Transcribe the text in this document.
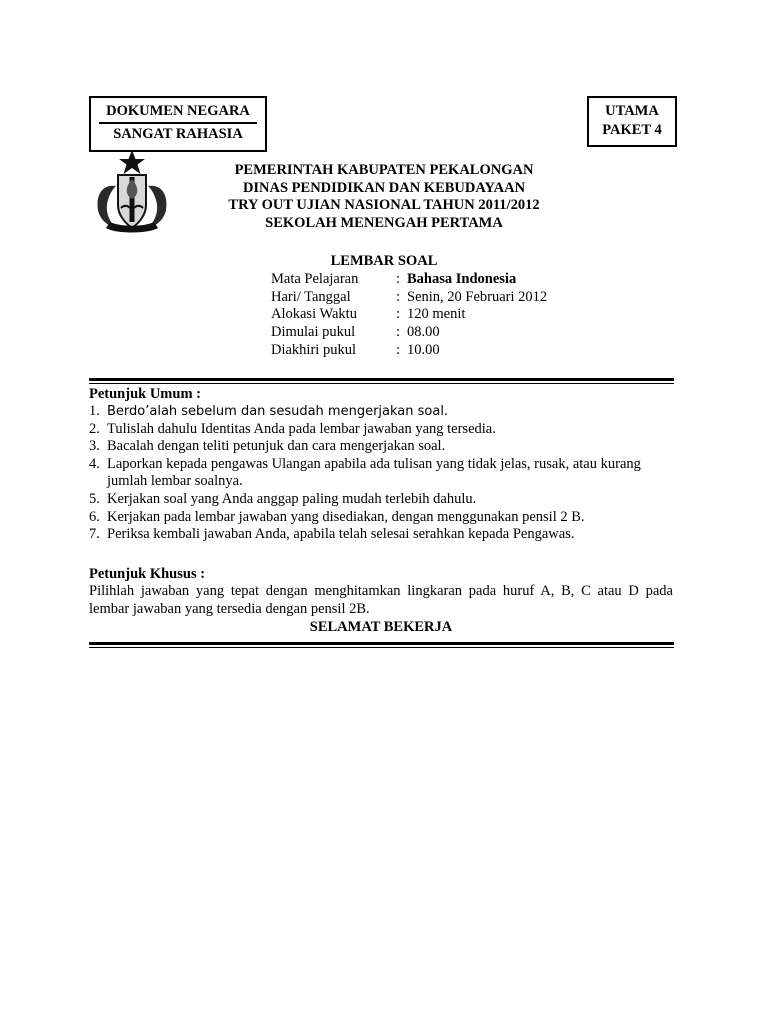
DOKUMEN NEGARA
SANGAT RAHASIA
UTAMA
PAKET 4
PEMERINTAH KABUPATEN PEKALONGAN
DINAS PENDIDIKAN DAN KEBUDAYAAN
TRY OUT UJIAN NASIONAL TAHUN 2011/2012
SEKOLAH MENENGAH PERTAMA
LEMBAR SOAL
Mata Pelajaran	: Bahasa Indonesia
Hari/ Tanggal	: Senin, 20 Februari 2012
Alokasi Waktu	: 120 menit
Dimulai pukul	: 08.00
Diakhiri pukul	: 10.00
Petunjuk Umum :
1. Berdo’alah sebelum dan sesudah mengerjakan soal.
2. Tulislah dahulu Identitas Anda pada lembar jawaban yang tersedia.
3. Bacalah dengan teliti petunjuk dan cara mengerjakan soal.
4. Laporkan kepada pengawas Ulangan apabila ada tulisan yang tidak jelas, rusak, atau kurang jumlah lembar soalnya.
5. Kerjakan soal yang Anda anggap paling mudah terlebih dahulu.
6. Kerjakan pada lembar jawaban yang disediakan, dengan menggunakan pensil 2 B.
7. Periksa kembali jawaban Anda, apabila telah selesai serahkan kepada Pengawas.
Petunjuk Khusus :
Pilihlah jawaban yang tepat dengan menghitamkan lingkaran pada huruf A, B, C atau D pada lembar jawaban yang tersedia dengan pensil 2B.
SELAMAT BEKERJA
